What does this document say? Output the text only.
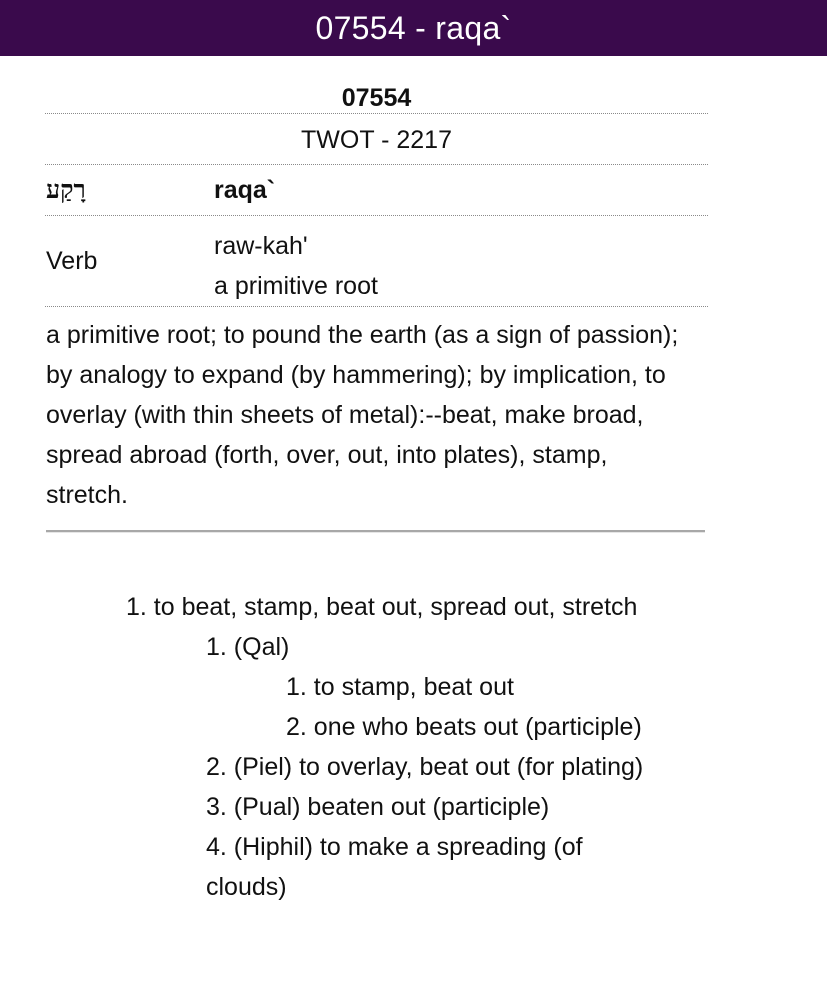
07554 - raqa`
07554
TWOT - 2217
רָקַע	raqa`
Verb
raw-kah'
a primitive root
a primitive root; to pound the earth (as a sign of passion); by analogy to expand (by hammering); by implication, to overlay (with thin sheets of metal):--beat, make broad, spread abroad (forth, over, out, into plates), stamp, stretch.
1. to beat, stamp, beat out, spread out, stretch
1. (Qal)
1. to stamp, beat out
2. one who beats out (participle)
2. (Piel) to overlay, beat out (for plating)
3. (Pual) beaten out (participle)
4. (Hiphil) to make a spreading (of clouds)
